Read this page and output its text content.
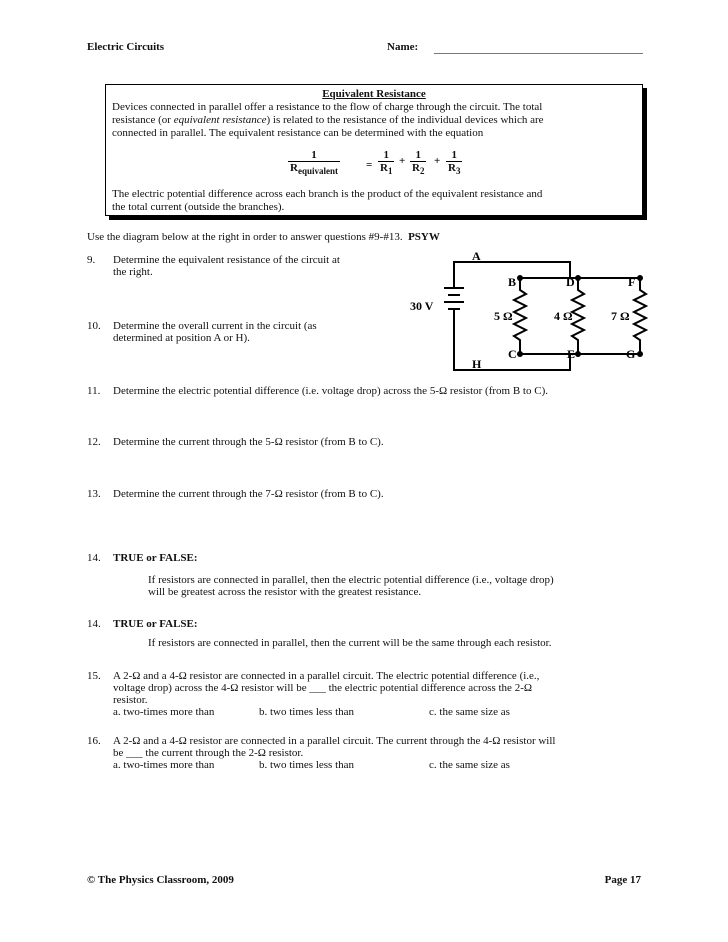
Electric Circuits	Name:
Equivalent Resistance
Devices connected in parallel offer a resistance to the flow of charge through the circuit. The total
resistance (or equivalent resistance) is related to the resistance of the individual devices which are
connected in parallel. The equivalent resistance can be determined with the equation
1
$R_{equivalent}$
= $\frac{1}{R_1} + \frac{1}{R_2} + \frac{1}{R_3}$
The electric potential difference across each branch is the product of the equivalent resistance and
the total current (outside the branches).
Use the diagram below at the right in order to answer questions #9-#13. PSYW
9.	Determine the equivalent resistance of the circuit at
the right.
10.	Determine the overall current in the circuit (as
determined at position A or H).
A
B	D	F
C	E	G
H
30 V
5 Ω	4 Ω	7 Ω
11.	Determine the electric potential difference (i.e. voltage drop) across the 5-Ω resistor (from B to C).
12.	Determine the current through the 5-Ω resistor (from B to C).
13.	Determine the current through the 7-Ω resistor (from B to C).
14.	TRUE or FALSE:
If resistors are connected in parallel, then the electric potential difference (i.e., voltage drop)
will be greatest across the resistor with the greatest resistance.
14.	TRUE or FALSE:
If resistors are connected in parallel, then the current will be the same through each resistor.
15.	A 2-Ω and a 4-Ω resistor are connected in a parallel circuit. The electric potential difference (i.e.,
voltage drop) across the 4-Ω resistor will be ___ the electric potential difference across the 2-Ω
resistor.
a. two-times more than	b. two times less than	c. the same size as
16.	A 2-Ω and a 4-Ω resistor are connected in a parallel circuit. The current through the 4-Ω resistor will
be ___ the current through the 2-Ω resistor.
a. two-times more than	b. two times less than	c. the same size as
© The Physics Classroom, 2009	Page 17
